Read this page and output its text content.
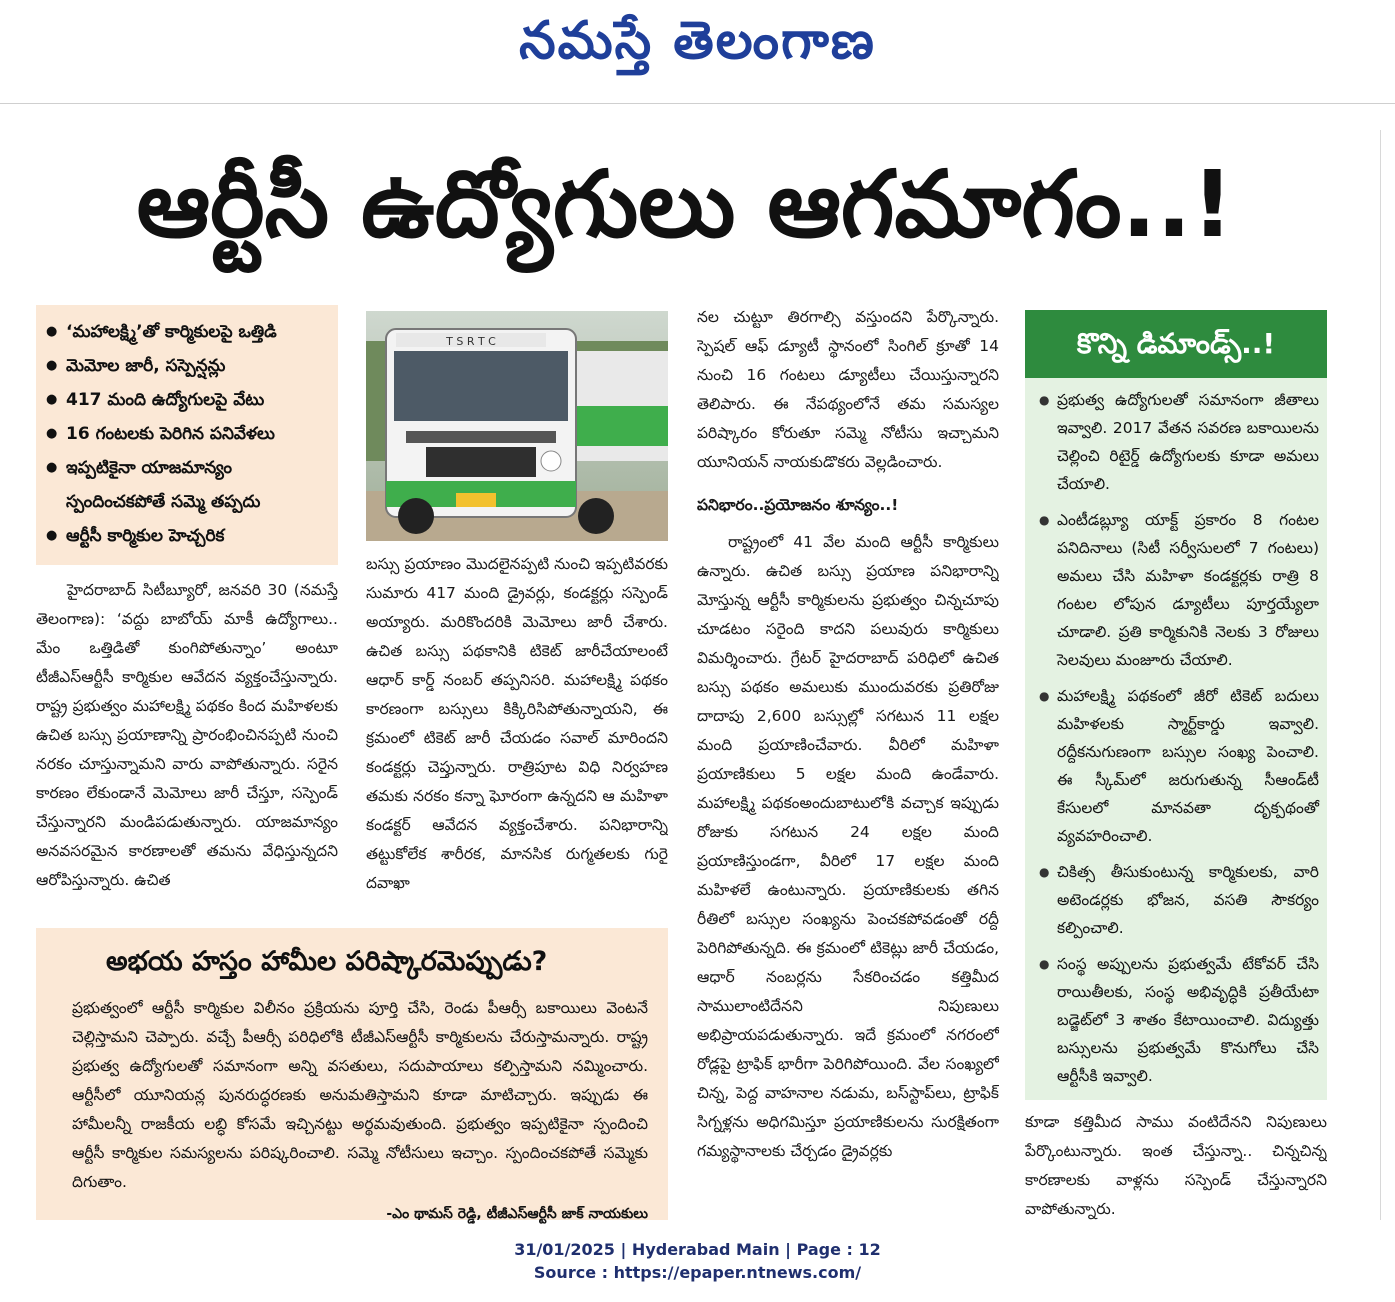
నమస్తే తెలంగాణ
ఆర్టీసీ ఉద్యోగులు ఆగమాగం..!
● ‘మహాలక్ష్మి’తో కార్మికులపై ఒత్తిడి
● మెమోల జారీ, సస్పెన్షన్లు
● 417 మంది ఉద్యోగులపై వేటు
● 16 గంటలకు పెరిగిన పనివేళలు
● ఇప్పటికైనా యాజమాన్యం స్పందించకపోతే సమ్మె తప్పదు
● ఆర్టీసీ కార్మికుల హెచ్చరిక
T S R T C

హైదరాబాద్ సిటీబ్యూరో, జనవరి 30 (నమస్తే తెలంగాణ): ‘వద్దు బాబోయ్ మాకీ ఉద్యోగాలు.. మేం ఒత్తిడితో కుంగిపోతున్నాం’ అంటూ టీజీఎస్ఆర్టీసీ కార్మికుల ఆవేదన వ్యక్తంచేస్తున్నారు. రాష్ట్ర ప్రభుత్వం మహాలక్ష్మి పథకం కింద మహిళలకు ఉచిత బస్సు ప్రయాణాన్ని ప్రారంభించినప్పటి నుంచి నరకం చూస్తున్నామని వారు వాపోతున్నారు. సరైన కారణం లేకుండానే మెమోలు జారీ చేస్తూ, సస్పెండ్ చేస్తున్నారని మండిపడుతున్నారు. యాజమాన్యం అనవసరమైన కారణాలతో తమను వేధిస్తున్నదని ఆరోపిస్తున్నారు. ఉచిత

బస్సు ప్రయాణం మొదలైనప్పటి నుంచి ఇప్పటివరకు సుమారు 417 మంది డ్రైవర్లు, కండక్టర్లు సస్పెండ్ అయ్యారు. మరికొందరికి మెమోలు జారీ చేశారు. ఉచిత బస్సు పథకానికి టికెట్ జారీచేయాలంటే ఆధార్ కార్డ్ నంబర్ తప్పనిసరి. మహాలక్ష్మి పథకం కారణంగా బస్సులు కిక్కిరిసిపోతున్నాయని, ఈ క్రమంలో టికెట్ జారీ చేయడం సవాల్ మారిందని కండక్టర్లు చెప్తున్నారు. రాత్రిపూట విధి నిర్వహణ తమకు నరకం కన్నా ఘోరంగా ఉన్నదని ఆ మహిళా కండక్టర్ ఆవేదన వ్యక్తంచేశారు. పనిభారాన్ని తట్టుకోలేక శారీరక, మానసిక రుగ్మతలకు గురై దవాఖా

నల చుట్టూ తిరగాల్సి వస్తుందని పేర్కొన్నారు. స్పెషల్ ఆఫ్ డ్యూటీ స్థానంలో సింగిల్ క్రూతో 14 నుంచి 16 గంటలు డ్యూటీలు చేయిస్తున్నారని తెలిపారు. ఈ నేపథ్యంలోనే తమ సమస్యల పరిష్కారం కోరుతూ సమ్మె నోటీసు ఇచ్చామని యూనియన్ నాయకుడొకరు వెల్లడించారు.

పనిభారం..ప్రయోజనం శూన్యం..!

రాష్ట్రంలో 41 వేల మంది ఆర్టీసీ కార్మికులు ఉన్నారు. ఉచిత బస్సు ప్రయాణ పనిభారాన్ని మోస్తున్న ఆర్టీసీ కార్మికులను ప్రభుత్వం చిన్నచూపు చూడటం సరైంది కాదని పలువురు కార్మికులు విమర్శించారు. గ్రేటర్ హైదరాబాద్ పరిధిలో ఉచిత బస్సు పథకం అమలుకు ముందువరకు ప్రతిరోజు దాదాపు 2,600 బస్సుల్లో సగటున 11 లక్షల మంది ప్రయాణించేవారు. వీరిలో మహిళా ప్రయాణికులు 5 లక్షల మంది ఉండేవారు. మహాలక్ష్మి పథకంఅందుబాటులోకి వచ్చాక ఇప్పుడు రోజుకు సగటున 24 లక్షల మంది ప్రయాణిస్తుండగా, వీరిలో 17 లక్షల మంది మహిళలే ఉంటున్నారు. ప్రయాణికులకు తగిన రీతిలో బస్సుల సంఖ్యను పెంచకపోవడంతో రద్దీ పెరిగిపోతున్నది. ఈ క్రమంలో టికెట్లు జారీ చేయడం, ఆధార్ నంబర్లను సేకరించడం కత్తిమీద సాములాంటిదేనని నిపుణులు అభిప్రాయపడుతున్నారు. ఇదే క్రమంలో నగరంలో రోడ్లపై ట్రాఫిక్ భారీగా పెరిగిపోయింది. వేల సంఖ్యలో చిన్న, పెద్ద వాహనాల నడుమ, బస్‌స్టాప్‌లు, ట్రాఫిక్ సిగ్నళ్లను అధిగమిస్తూ ప్రయాణికులను సురక్షితంగా గమ్యస్థానాలకు చేర్చడం డ్రైవర్లకు

అభయ హస్తం హామీల పరిష్కారమెప్పుడు?
ప్రభుత్వంలో ఆర్టీసీ కార్మికుల విలీనం ప్రక్రియను పూర్తి చేసి, రెండు పీఆర్సీ బకాయిలు వెంటనే చెల్లిస్తామని చెప్పారు. వచ్చే పీఆర్సీ పరిధిలోకి టీజీఎస్ఆర్టీసీ కార్మికులను చేరుస్తామన్నారు. రాష్ట్ర ప్రభుత్వ ఉద్యోగులతో సమానంగా అన్ని వసతులు, సదుపాయాలు కల్పిస్తామని నమ్మించారు. ఆర్టీసీలో యూనియన్ల పునరుద్ధరణకు అనుమతిస్తామని కూడా మాటిచ్చారు. ఇప్పుడు ఈ హామీలన్నీ రాజకీయ లబ్ధి కోసమే ఇచ్చినట్టు అర్థమవుతుంది. ప్రభుత్వం ఇప్పటికైనా స్పందించి ఆర్టీసీ కార్మికుల సమస్యలను పరిష్కరించాలి. సమ్మె నోటీసులు ఇచ్చాం. స్పందించకపోతే సమ్మెకు దిగుతాం.
-ఎం థామస్ రెడ్డి, టీజీఎస్ఆర్టీసీ జాక్ నాయకులు
కొన్ని డిమాండ్స్..!
● ప్రభుత్వ ఉద్యోగులతో సమానంగా జీతాలు ఇవ్వాలి. 2017 వేతన సవరణ బకాయిలను చెల్లించి రిటైర్డ్ ఉద్యోగులకు కూడా అమలు చేయాలి.
● ఎంటీడబ్ల్యూ యాక్ట్ ప్రకారం 8 గంటల పనిదినాలు (సిటీ సర్వీసులలో 7 గంటలు) అమలు చేసి మహిళా కండక్టర్లకు రాత్రి 8 గంటల లోపున డ్యూటీలు పూర్తయ్యేలా చూడాలి. ప్రతి కార్మికునికి నెలకు 3 రోజులు సెలవులు మంజూరు చేయాలి.
● మహాలక్ష్మి పథకంలో జీరో టికెట్ బదులు మహిళలకు స్మార్ట్‌కార్డు ఇవ్వాలి. రద్దీకనుగుణంగా బస్సుల సంఖ్య పెంచాలి. ఈ స్కీమ్‌లో జరుగుతున్న సీఆండ్‌టీ కేసులలో మానవతా దృక్పథంతో వ్యవహరించాలి.
● చికిత్స తీసుకుంటున్న కార్మికులకు, వారి అటెండర్లకు భోజన, వసతి సౌకర్యం కల్పించాలి.
● సంస్థ అప్పులను ప్రభుత్వమే టేకోవర్ చేసి రాయితీలకు, సంస్థ అభివృద్ధికి ప్రతీయేటా బడ్జెట్‌లో 3 శాతం కేటాయించాలి. విద్యుత్తు బస్సులను ప్రభుత్వమే కొనుగోలు చేసి ఆర్టీసీకి ఇవ్వాలి.

కూడా కత్తిమీద సాము వంటిదేనని నిపుణులు పేర్కొంటున్నారు. ఇంత చేస్తున్నా.. చిన్నచిన్న కారణాలకు వాళ్లను సస్పెండ్ చేస్తున్నారని వాపోతున్నారు.

31/01/2025 | Hyderabad Main | Page : 12
Source : https://epaper.ntnews.com/
